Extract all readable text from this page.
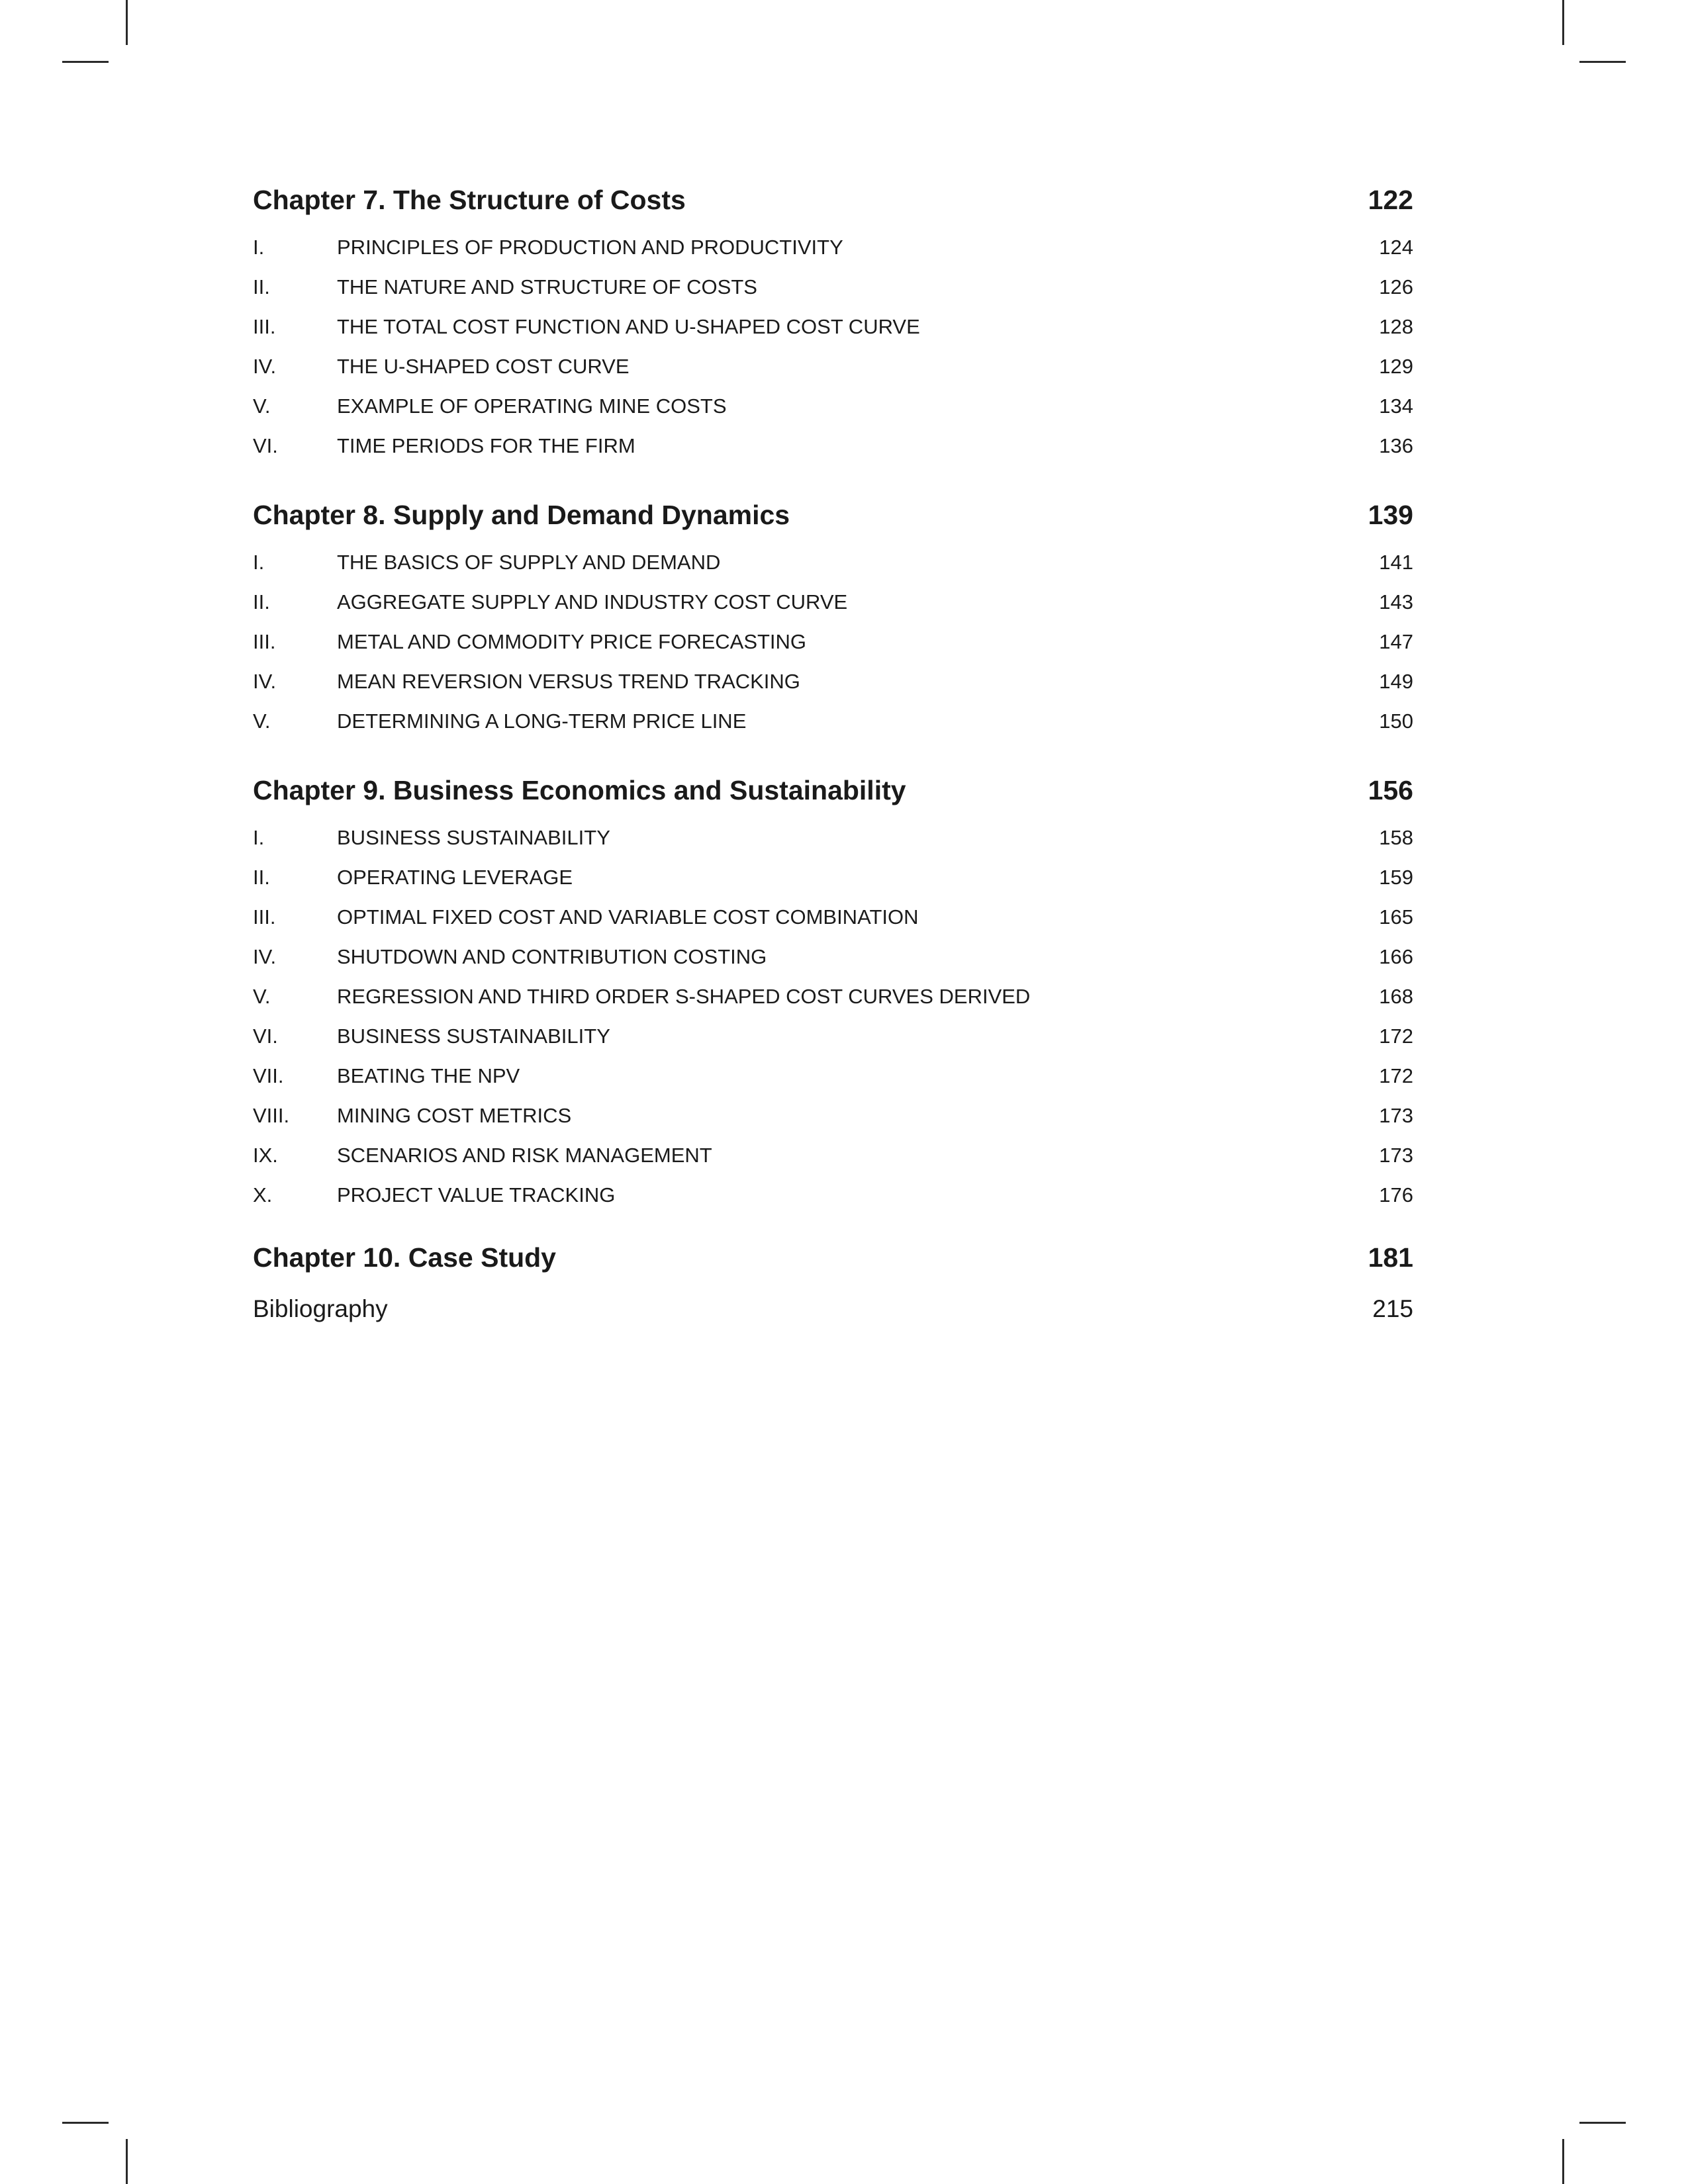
Chapter 7. The Structure of Costs	122
I.	PRINCIPLES OF PRODUCTION AND PRODUCTIVITY	124
II.	THE NATURE AND STRUCTURE OF COSTS	126
III.	THE TOTAL COST FUNCTION AND U-SHAPED COST CURVE	128
IV.	THE U-SHAPED COST CURVE	129
V.	EXAMPLE OF OPERATING MINE COSTS	134
VI.	TIME PERIODS FOR THE FIRM	136
Chapter 8. Supply and Demand Dynamics	139
I.	THE BASICS OF SUPPLY AND DEMAND	141
II.	AGGREGATE SUPPLY AND INDUSTRY COST CURVE	143
III.	METAL AND COMMODITY PRICE FORECASTING	147
IV.	MEAN REVERSION VERSUS TREND TRACKING	149
V.	DETERMINING A LONG-TERM PRICE LINE	150
Chapter 9. Business Economics and Sustainability	156
I.	BUSINESS SUSTAINABILITY	158
II.	OPERATING LEVERAGE	159
III.	OPTIMAL FIXED COST AND VARIABLE COST COMBINATION	165
IV.	SHUTDOWN AND CONTRIBUTION COSTING	166
V.	REGRESSION AND THIRD ORDER S-SHAPED COST CURVES DERIVED	168
VI.	BUSINESS SUSTAINABILITY	172
VII.	BEATING THE NPV	172
VIII.	MINING COST METRICS	173
IX.	SCENARIOS AND RISK MANAGEMENT	173
X.	PROJECT VALUE TRACKING	176
Chapter 10. Case Study	181
Bibliography	215
